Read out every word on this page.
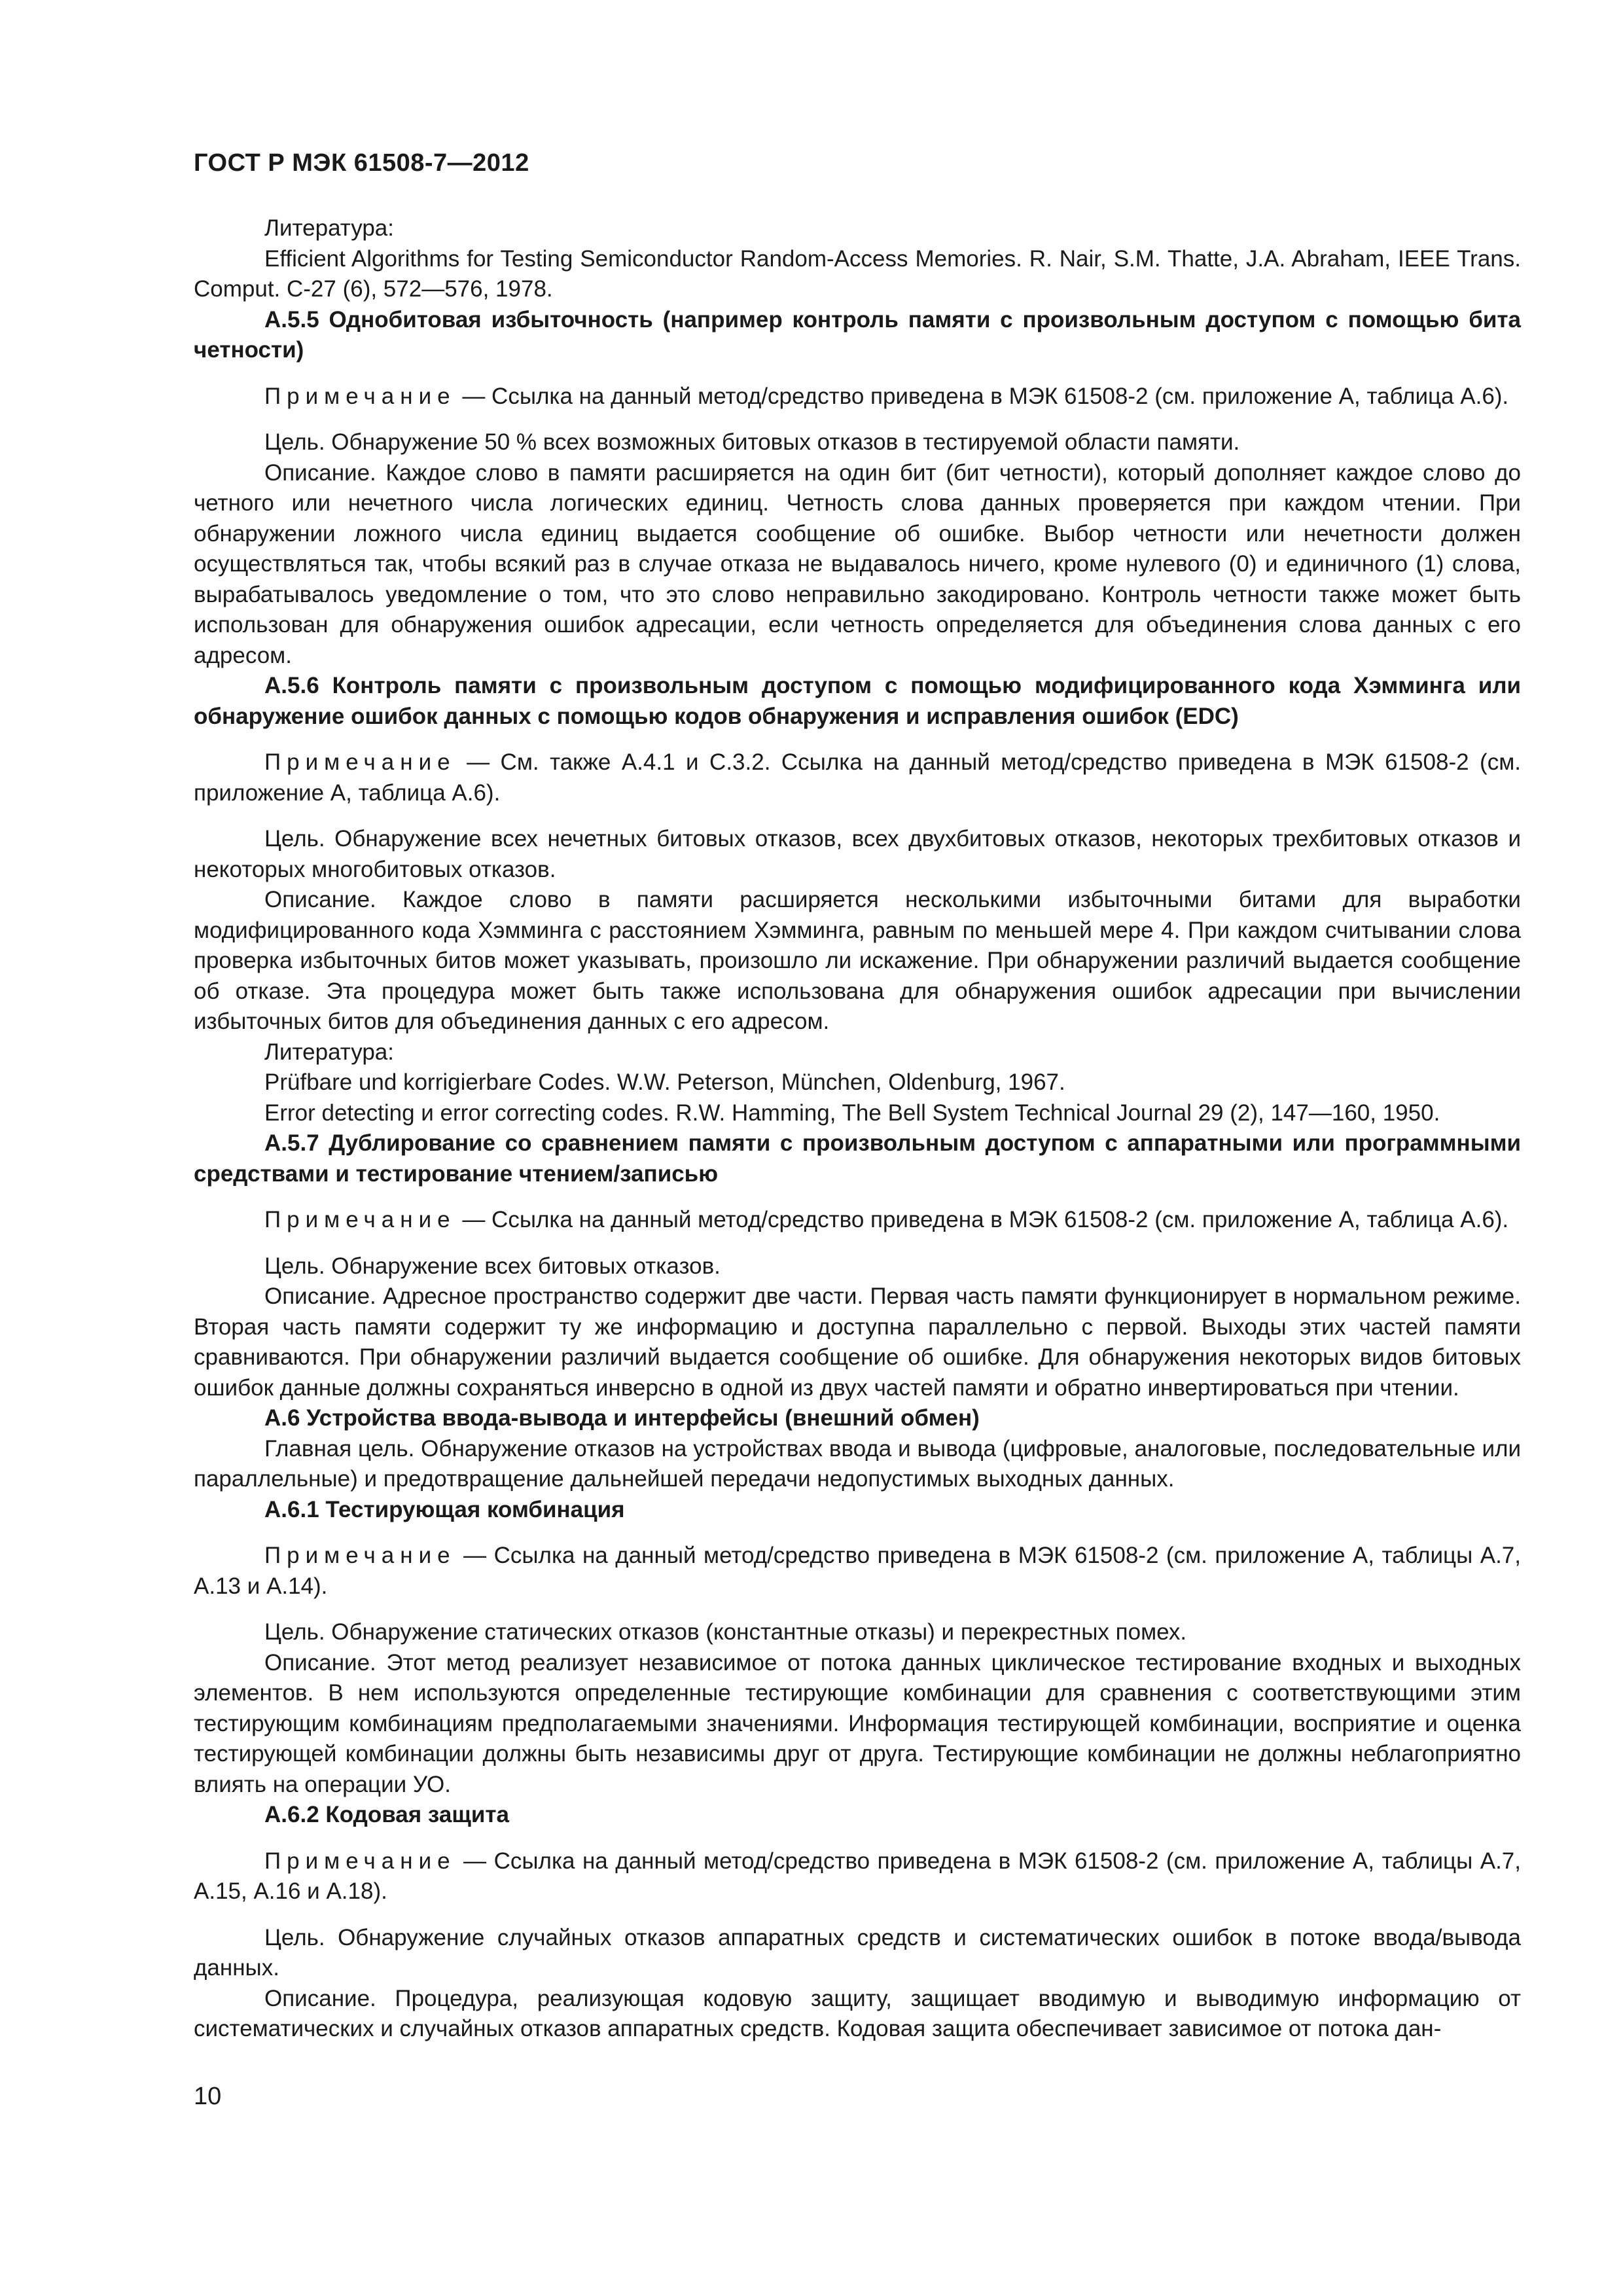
ГОСТ Р МЭК 61508-7—2012

Литература:

Efficient Algorithms for Testing Semiconductor Random-Access Memories. R. Nair, S.M. Thatte, J.A. Abraham, IEEE Trans. Comput. C-27 (6), 572—576, 1978.

А.5.5 Однобитовая избыточность (например контроль памяти с произвольным доступом с помощью бита четности)

Примечание — Ссылка на данный метод/средство приведена в МЭК 61508-2 (см. приложение А, таблица А.6).

Цель. Обнаружение 50 % всех возможных битовых отказов в тестируемой области памяти.

Описание. Каждое слово в памяти расширяется на один бит (бит четности), который дополняет каждое слово до четного или нечетного числа логических единиц. Четность слова данных проверяется при каждом чтении. При обнаружении ложного числа единиц выдается сообщение об ошибке. Выбор четности или нечетности должен осуществляться так, чтобы всякий раз в случае отказа не выдавалось ничего, кроме нулевого (0) и единичного (1) слова, вырабатывалось уведомление о том, что это слово неправильно закодировано. Контроль четности также может быть использован для обнаружения ошибок адресации, если четность определяется для объединения слова данных с его адресом.

А.5.6 Контроль памяти с произвольным доступом с помощью модифицированного кода Хэмминга или обнаружение ошибок данных с помощью кодов обнаружения и исправления ошибок (EDC)

Примечание — См. также А.4.1 и С.3.2. Ссылка на данный метод/средство приведена в МЭК 61508-2 (см. приложение А, таблица А.6).

Цель. Обнаружение всех нечетных битовых отказов, всех двухбитовых отказов, некоторых трехбитовых отказов и некоторых многобитовых отказов.

Описание. Каждое слово в памяти расширяется несколькими избыточными битами для выработки модифицированного кода Хэмминга с расстоянием Хэмминга, равным по меньшей мере 4. При каждом считывании слова проверка избыточных битов может указывать, произошло ли искажение. При обнаружении различий выдается сообщение об отказе. Эта процедура может быть также использована для обнаружения ошибок адресации при вычислении избыточных битов для объединения данных с его адресом.

Литература:

Prüfbare und korrigierbare Codes. W.W. Peterson, München, Oldenburg, 1967.

Error detecting и error correcting codes. R.W. Hamming, The Bell System Technical Journal 29 (2), 147—160, 1950.

А.5.7 Дублирование со сравнением памяти с произвольным доступом с аппаратными или программными средствами и тестирование чтением/записью

Примечание — Ссылка на данный метод/средство приведена в МЭК 61508-2 (см. приложение А, таблица А.6).

Цель. Обнаружение всех битовых отказов.

Описание. Адресное пространство содержит две части. Первая часть памяти функционирует в нормальном режиме. Вторая часть памяти содержит ту же информацию и доступна параллельно с первой. Выходы этих частей памяти сравниваются. При обнаружении различий выдается сообщение об ошибке. Для обнаружения некоторых видов битовых ошибок данные должны сохраняться инверсно в одной из двух частей памяти и обратно инвертироваться при чтении.

А.6 Устройства ввода-вывода и интерфейсы (внешний обмен)

Главная цель. Обнаружение отказов на устройствах ввода и вывода (цифровые, аналоговые, последовательные или параллельные) и предотвращение дальнейшей передачи недопустимых выходных данных.

А.6.1 Тестирующая комбинация

Примечание — Ссылка на данный метод/средство приведена в МЭК 61508-2 (см. приложение А, таблицы А.7, А.13 и А.14).

Цель. Обнаружение статических отказов (константные отказы) и перекрестных помех.

Описание. Этот метод реализует независимое от потока данных циклическое тестирование входных и выходных элементов. В нем используются определенные тестирующие комбинации для сравнения с соответствующими этим тестирующим комбинациям предполагаемыми значениями. Информация тестирующей комбинации, восприятие и оценка тестирующей комбинации должны быть независимы друг от друга. Тестирующие комбинации не должны неблагоприятно влиять на операции УО.

А.6.2 Кодовая защита

Примечание — Ссылка на данный метод/средство приведена в МЭК 61508-2 (см. приложение А, таблицы А.7, А.15, А.16 и А.18).

Цель. Обнаружение случайных отказов аппаратных средств и систематических ошибок в потоке ввода/вывода данных.

Описание. Процедура, реализующая кодовую защиту, защищает вводимую и выводимую информацию от систематических и случайных отказов аппаратных средств. Кодовая защита обеспечивает зависимое от потока дан-

10
